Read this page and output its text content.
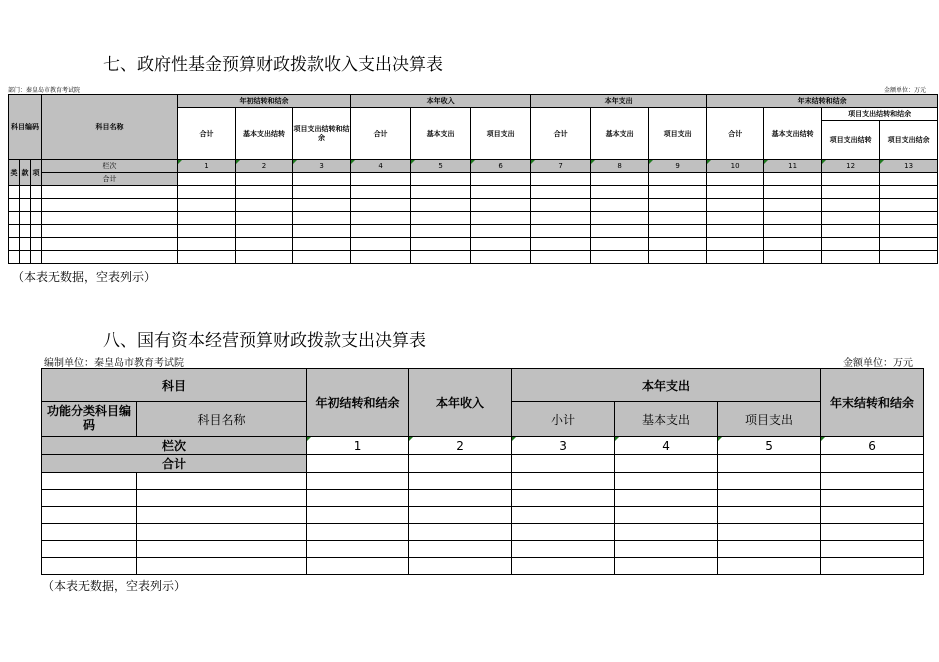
七、政府性基金预算财政拨款收入支出决算表
部门：秦皇岛市教育考试院	金额单位：万元
科目编码			科目名称	年初结转和结余			本年收入			本年支出			年末结转和结余			
				合计	基本支出结转	项目支出结转和结余	合计	基本支出	项目支出	合计	基本支出	项目支出	合计	基本支出结转	项目支出结转和结余	
															项目支出结转	项目支出结余
类	款	项	栏次	1	2	3	4	5	6	7	8	9	10	11	12	13
			合计													

（本表无数据，空表列示）
八、国有资本经营预算财政拨款支出决算表
编制单位：秦皇岛市教育考试院	金额单位：万元
科目		年初结转和结余	本年收入	本年支出			年末结转和结余
功能分类科目编码	科目名称			小计	基本支出	项目支出	
栏次		1	2	3	4	5	6
合计							

（本表无数据，空表列示）
